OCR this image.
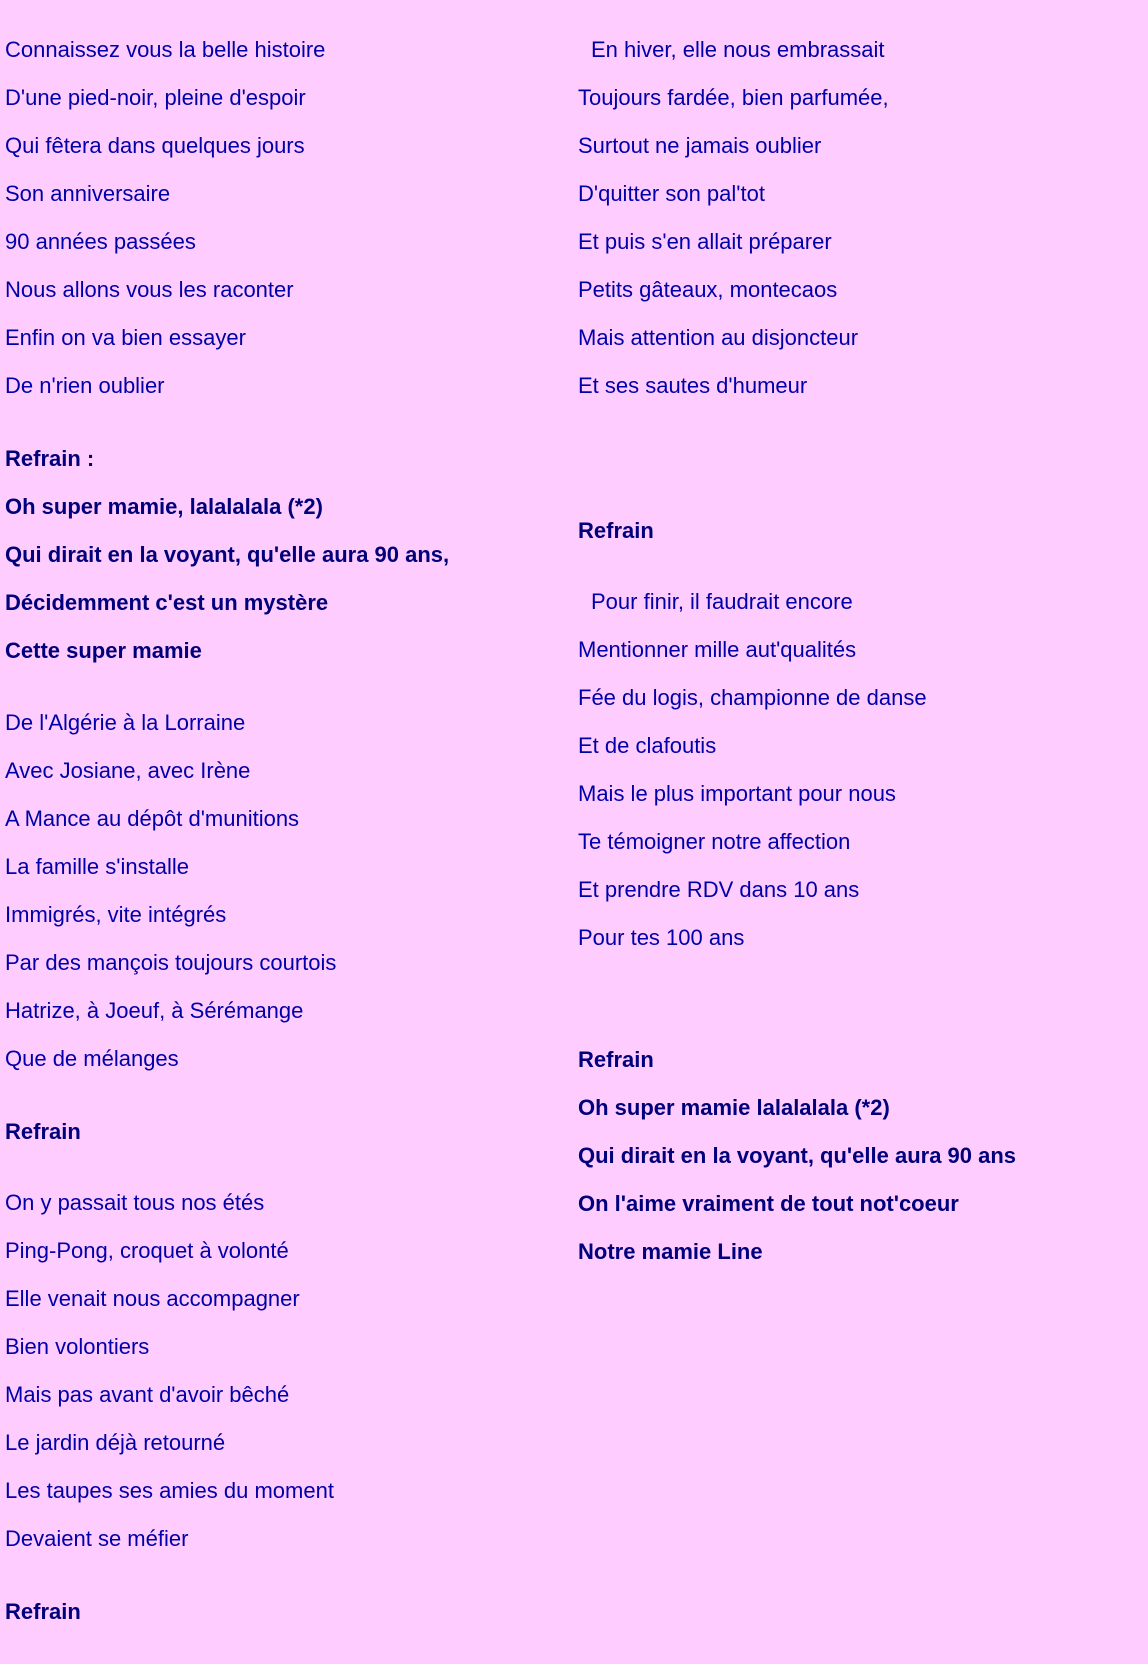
Connaissez vous la belle histoire
D'une pied-noir, pleine d'espoir
Qui fêtera dans quelques jours
Son anniversaire
90 années passées
Nous allons vous les raconter
Enfin on va bien essayer
De n'rien oublier
Refrain :
Oh super mamie, lalalalala (*2)
Qui dirait en la voyant, qu'elle aura 90 ans,
Décidemment c'est un mystère
Cette super mamie
De l'Algérie à la Lorraine
Avec Josiane, avec Irène
A Mance au dépôt d'munitions
La famille s'installe
Immigrés, vite intégrés
Par des mançois toujours courtois
Hatrize, à Joeuf, à Sérémange
Que de mélanges
Refrain
On y passait tous nos étés
Ping-Pong, croquet à volonté
Elle venait nous accompagner
Bien volontiers
Mais pas avant d'avoir bêché
Le jardin déjà retourné
Les taupes ses amies du moment
Devaient se méfier
Refrain
En hiver, elle nous embrassait
Toujours fardée, bien parfumée,
Surtout ne jamais oublier
D'quitter son pal'tot
Et puis s'en allait préparer
Petits gâteaux, montecaos
Mais attention au disjoncteur
Et ses sautes d'humeur
Refrain
Pour finir, il faudrait encore
Mentionner mille aut'qualités
Fée du logis, championne de danse
Et de clafoutis
Mais le plus important pour nous
Te témoigner notre affection
Et prendre RDV dans 10 ans
Pour tes 100 ans
Refrain
Oh super mamie lalalalala (*2)
Qui dirait en la voyant, qu'elle aura 90 ans
On l'aime vraiment de tout not'coeur
Notre mamie Line
